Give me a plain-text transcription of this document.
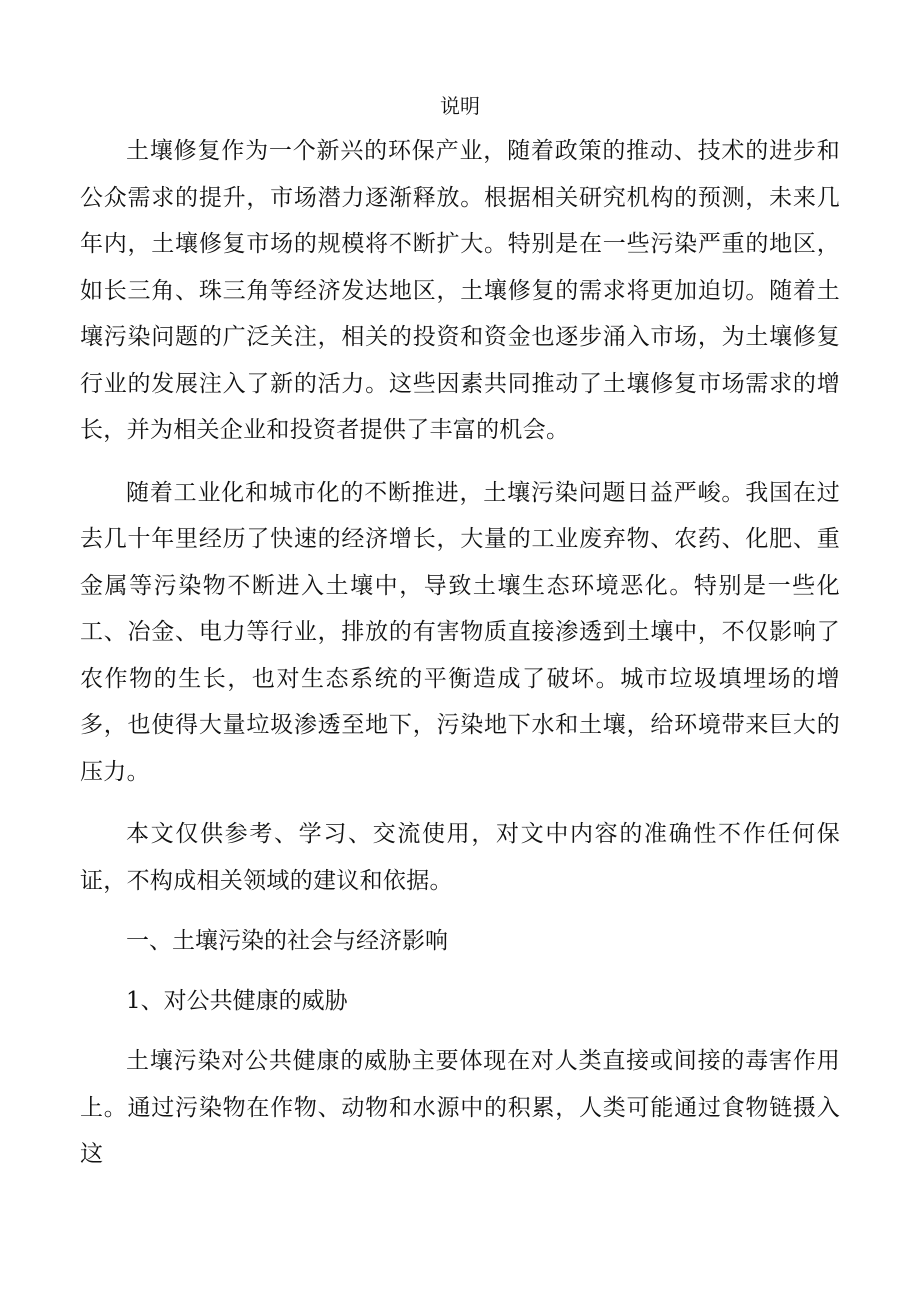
说明

土壤修复作为一个新兴的环保产业，随着政策的推动、技术的进步和公众需求的提升，市场潜力逐渐释放。根据相关研究机构的预测，未来几年内，土壤修复市场的规模将不断扩大。特别是在一些污染严重的地区，如长三角、珠三角等经济发达地区，土壤修复的需求将更加迫切。随着土壤污染问题的广泛关注，相关的投资和资金也逐步涌入市场，为土壤修复行业的发展注入了新的活力。这些因素共同推动了土壤修复市场需求的增长，并为相关企业和投资者提供了丰富的机会。

随着工业化和城市化的不断推进，土壤污染问题日益严峻。我国在过去几十年里经历了快速的经济增长，大量的工业废弃物、农药、化肥、重金属等污染物不断进入土壤中，导致土壤生态环境恶化。特别是一些化工、冶金、电力等行业，排放的有害物质直接渗透到土壤中，不仅影响了农作物的生长，也对生态系统的平衡造成了破坏。城市垃圾填埋场的增多，也使得大量垃圾渗透至地下，污染地下水和土壤，给环境带来巨大的压力。

本文仅供参考、学习、交流使用，对文中内容的准确性不作任何保证，不构成相关领域的建议和依据。

一、土壤污染的社会与经济影响
1、对公共健康的威胁

土壤污染对公共健康的威胁主要体现在对人类直接或间接的毒害作用上。通过污染物在作物、动物和水源中的积累，人类可能通过食物链摄入这
